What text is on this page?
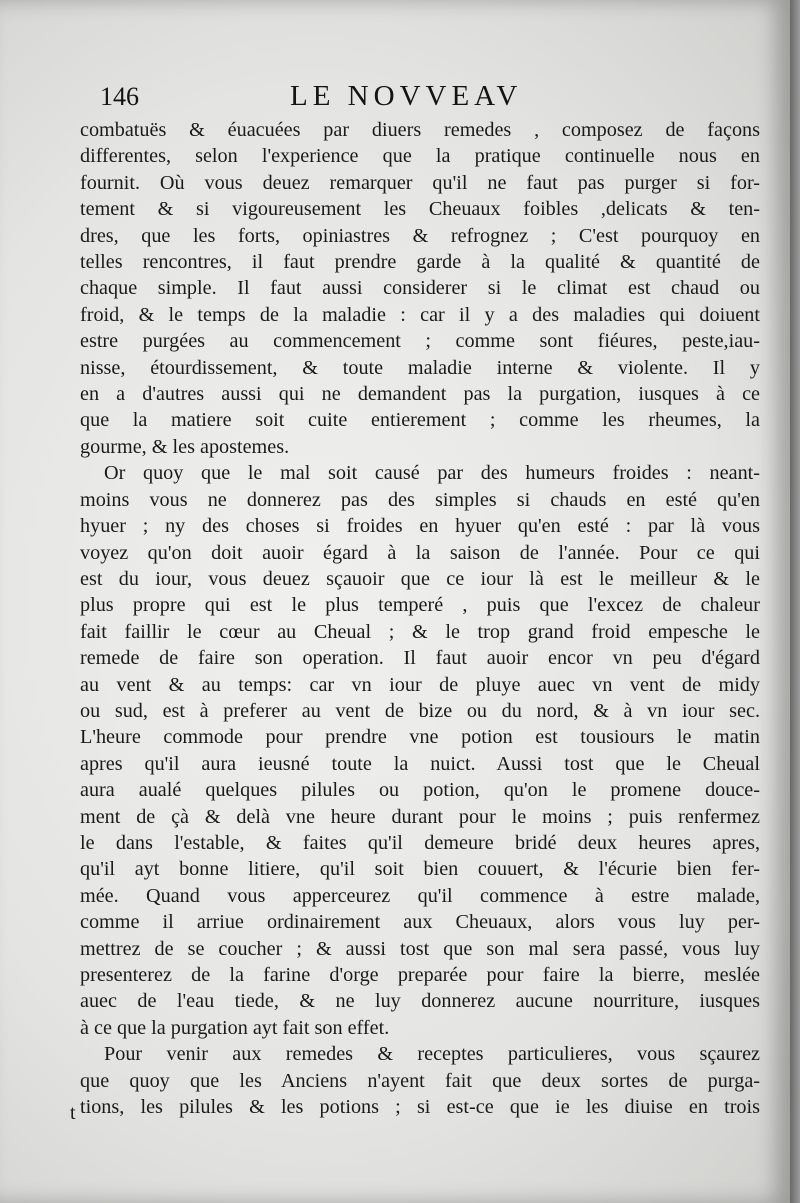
146	LE NOVVEAV
combatuës & éuacuées par diuers remedes , composez de façons
differentes, selon l'experience que la pratique continuelle nous en
fournit. Où vous deuez remarquer qu'il ne faut pas purger si for-
tement & si vigoureusement les Cheuaux foibles ,delicats & ten-
dres, que les forts, opiniastres & refrognez ; C'est pourquoy en
telles rencontres, il faut prendre garde à la qualité & quantité de
chaque simple. Il faut aussi considerer si le climat est chaud ou
froid, & le temps de la maladie : car il y a des maladies qui doiuent
estre purgées au commencement ; comme sont fiéures, peste,iau-
nisse, étourdissement, & toute maladie interne & violente. Il y
en a d'autres aussi qui ne demandent pas la purgation, iusques à ce
que la matiere soit cuite entierement ; comme les rheumes, la
gourme, & les apostemes.
Or quoy que le mal soit causé par des humeurs froides : neant-
moins vous ne donnerez pas des simples si chauds en esté qu'en
hyuer ; ny des choses si froides en hyuer qu'en esté : par là vous
voyez qu'on doit auoir égard à la saison de l'année. Pour ce qui
est du iour, vous deuez sçauoir que ce iour là est le meilleur & le
plus propre qui est le plus temperé , puis que l'excez de chaleur
fait faillir le cœur au Cheual ; & le trop grand froid empesche le
remede de faire son operation. Il faut auoir encor vn peu d'égard
au vent & au temps: car vn iour de pluye auec vn vent de midy
ou sud, est à preferer au vent de bize ou du nord, & à vn iour sec.
L'heure commode pour prendre vne potion est tousiours le matin
apres qu'il aura ieusné toute la nuict. Aussi tost que le Cheual
aura aualé quelques pilules ou potion, qu'on le promene douce-
ment de çà & delà vne heure durant pour le moins ; puis renfermez
le dans l'estable, & faites qu'il demeure bridé deux heures apres,
qu'il ayt bonne litiere, qu'il soit bien couuert, & l'écurie bien fer-
mée. Quand vous apperceurez qu'il commence à estre malade,
comme il arriue ordinairement aux Cheuaux, alors vous luy per-
mettrez de se coucher ; & aussi tost que son mal sera passé, vous luy
presenterez de la farine d'orge preparée pour faire la bierre, meslée
auec de l'eau tiede, & ne luy donnerez aucune nourriture, iusques
à ce que la purgation ayt fait son effet.
Pour venir aux remedes & receptes particulieres, vous sçaurez
que quoy que les Anciens n'ayent fait que deux sortes de purga-
tions, les pilules & les potions ; si est-ce que ie les diuise en trois
t
